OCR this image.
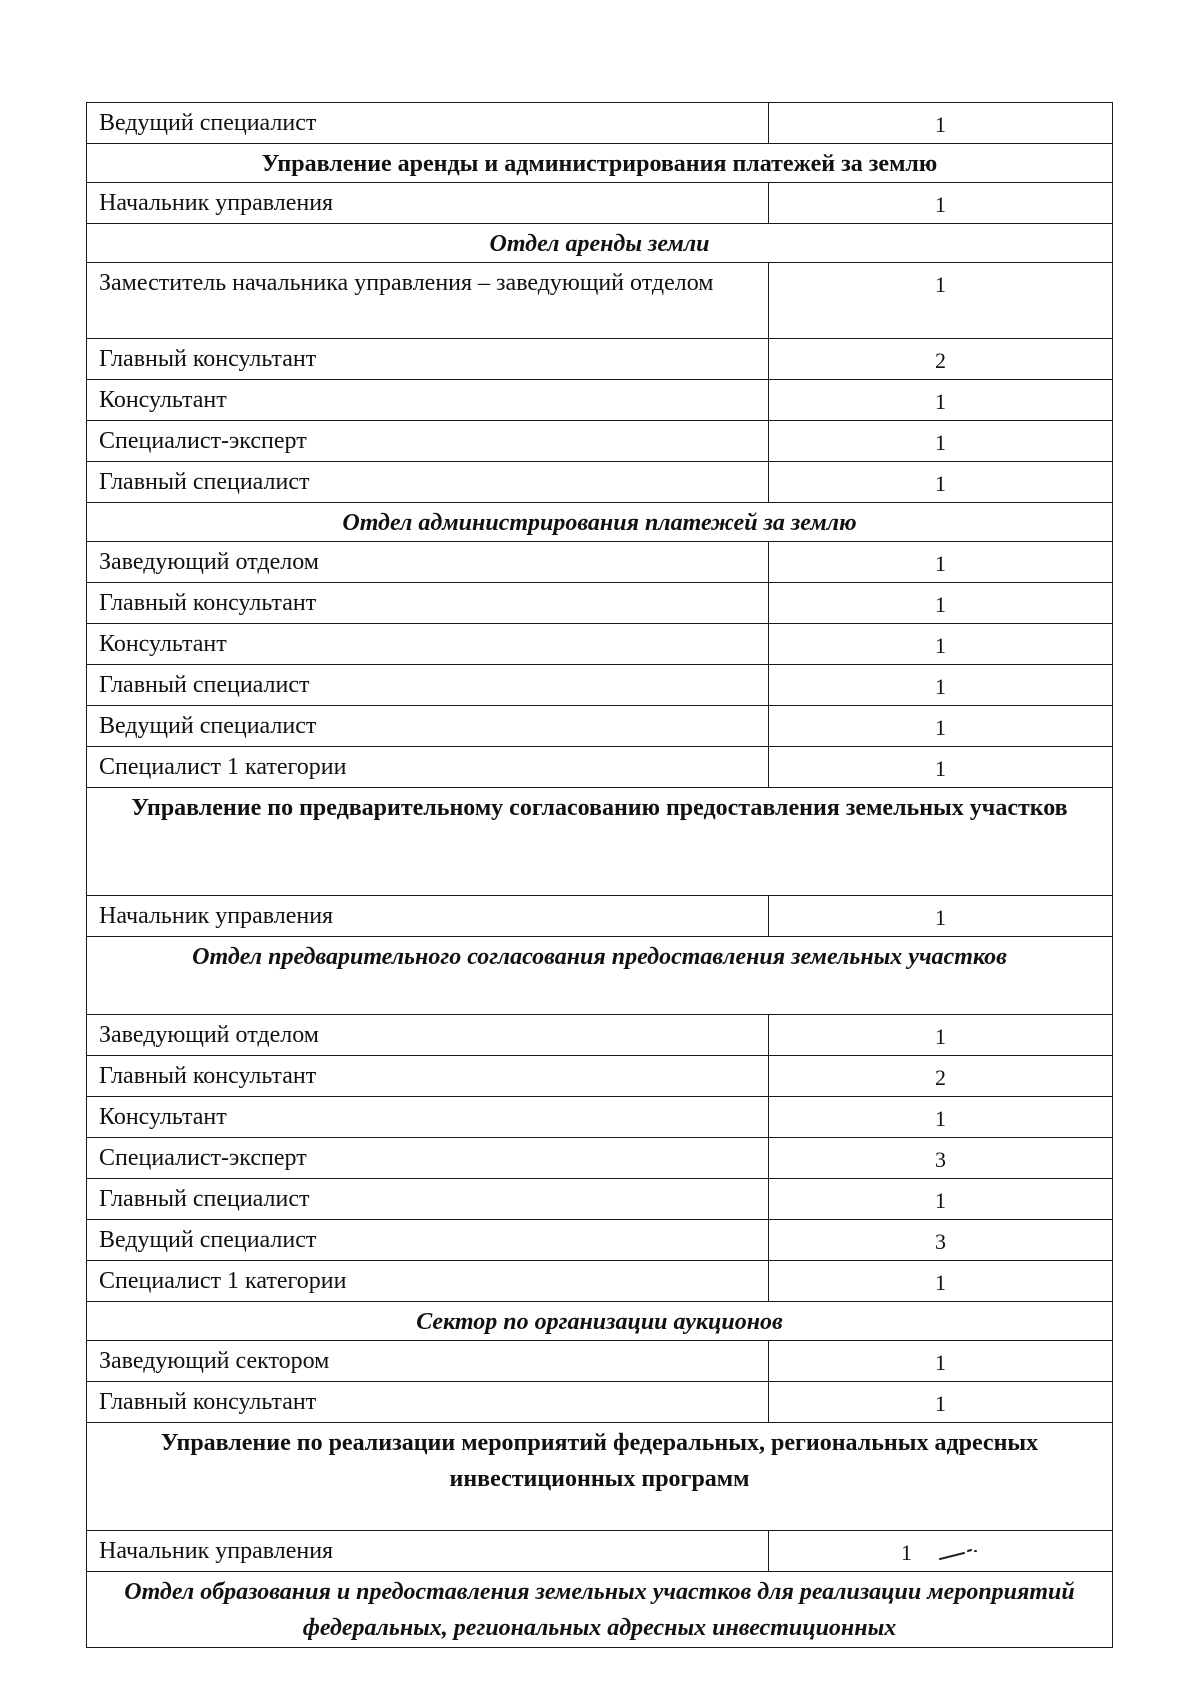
Ведущий специалист	1
Управление аренды и администрирования платежей за землю	
Начальник управления	1
Отдел аренды земли	
Заместитель начальника управления – заведующий отделом	1
Главный консультант	2
Консультант	1
Специалист-эксперт	1
Главный специалист	1
Отдел администрирования платежей за землю	
Заведующий отделом	1
Главный консультант	1
Консультант	1
Главный специалист	1
Ведущий специалист	1
Специалист 1 категории	1
Управление по предварительному согласованию предоставления земельных участков	
Начальник управления	1
Отдел предварительного согласования предоставления земельных участков	
Заведующий отделом	1
Главный консультант	2
Консультант	1
Специалист-эксперт	3
Главный специалист	1
Ведущий специалист	3
Специалист 1 категории	1
Сектор по организации аукционов	
Заведующий сектором	1
Главный консультант	1
Управление по реализации мероприятий федеральных, региональных адресных инвестиционных программ	
Начальник управления	1
Отдел образования и предоставления земельных участков для реализации мероприятий федеральных, региональных адресных инвестиционных	
